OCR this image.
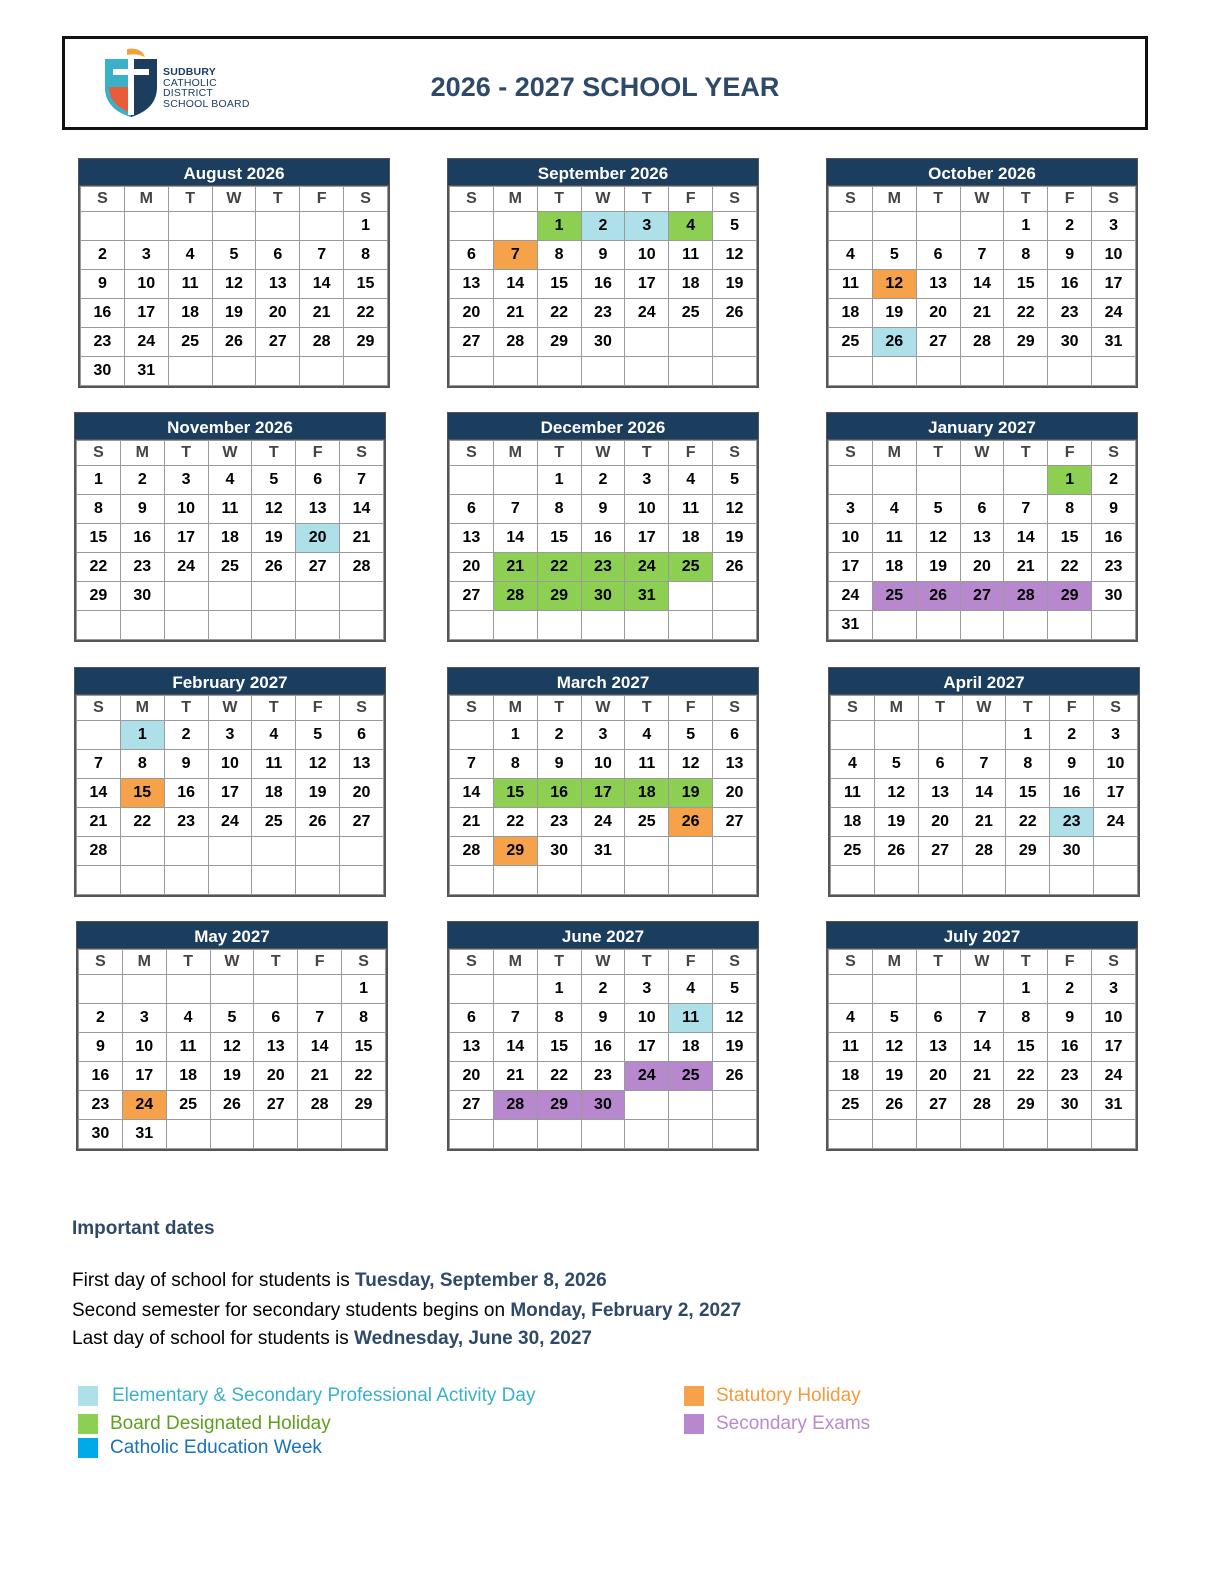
SUDBURY
CATHOLIC
DISTRICT
SCHOOL BOARD
2026 - 2027 SCHOOL YEAR
August 2026
S	M	T	W	T	F	S
						1
2	3	4	5	6	7	8
9	10	11	12	13	14	15
16	17	18	19	20	21	22
23	24	25	26	27	28	29
30	31					
September 2026
S	M	T	W	T	F	S
		1	2	3	4	5
6	7	8	9	10	11	12
13	14	15	16	17	18	19
20	21	22	23	24	25	26
27	28	29	30			

October 2026
S	M	T	W	T	F	S
				1	2	3
4	5	6	7	8	9	10
11	12	13	14	15	16	17
18	19	20	21	22	23	24
25	26	27	28	29	30	31

November 2026
S	M	T	W	T	F	S
1	2	3	4	5	6	7
8	9	10	11	12	13	14
15	16	17	18	19	20	21
22	23	24	25	26	27	28
29	30					

December 2026
S	M	T	W	T	F	S
		1	2	3	4	5
6	7	8	9	10	11	12
13	14	15	16	17	18	19
20	21	22	23	24	25	26
27	28	29	30	31		

January 2027
S	M	T	W	T	F	S
					1	2
3	4	5	6	7	8	9
10	11	12	13	14	15	16
17	18	19	20	21	22	23
24	25	26	27	28	29	30
31						
February 2027
S	M	T	W	T	F	S
	1	2	3	4	5	6
7	8	9	10	11	12	13
14	15	16	17	18	19	20
21	22	23	24	25	26	27
28						

March 2027
S	M	T	W	T	F	S
	1	2	3	4	5	6
7	8	9	10	11	12	13
14	15	16	17	18	19	20
21	22	23	24	25	26	27
28	29	30	31			

April 2027
S	M	T	W	T	F	S
				1	2	3
4	5	6	7	8	9	10
11	12	13	14	15	16	17
18	19	20	21	22	23	24
25	26	27	28	29	30	

May 2027
S	M	T	W	T	F	S
						1
2	3	4	5	6	7	8
9	10	11	12	13	14	15
16	17	18	19	20	21	22
23	24	25	26	27	28	29
30	31					
June 2027
S	M	T	W	T	F	S
		1	2	3	4	5
6	7	8	9	10	11	12
13	14	15	16	17	18	19
20	21	22	23	24	25	26
27	28	29	30			

July 2027
S	M	T	W	T	F	S
				1	2	3
4	5	6	7	8	9	10
11	12	13	14	15	16	17
18	19	20	21	22	23	24
25	26	27	28	29	30	31

Important dates
First day of school for students is Tuesday, September 8, 2026
Second semester for secondary students begins on Monday, February 2, 2027
Last day of school for students is Wednesday, June 30, 2027
Elementary & Secondary Professional Activity Day
Board Designated Holiday
Catholic Education Week
Statutory Holiday
Secondary Exams
